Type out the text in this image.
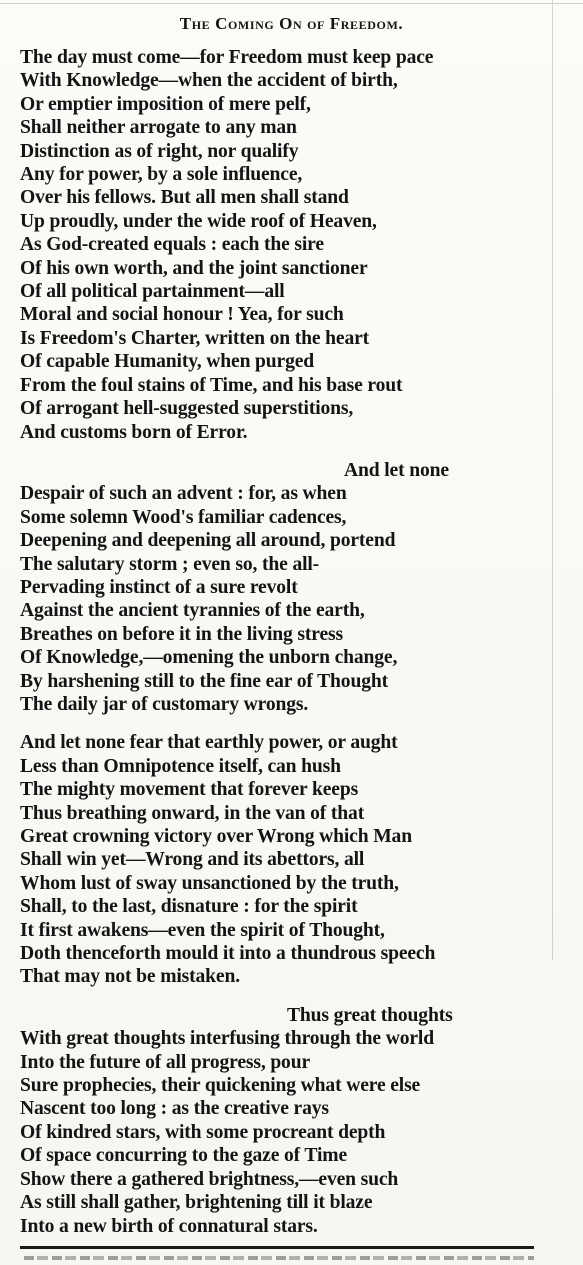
The Coming On of Freedom.
The day must come—for Freedom must keep pace
With Knowledge—when the accident of birth,
Or emptier imposition of mere pelf,
Shall neither arrogate to any man
Distinction as of right, nor qualify
Any for power, by a sole influence,
Over his fellows. But all men shall stand
Up proudly, under the wide roof of Heaven,
As God-created equals : each the sire
Of his own worth, and the joint sanctioner
Of all political partainment—all
Moral and social honour ! Yea, for such
Is Freedom's Charter, written on the heart
Of capable Humanity, when purged
From the foul stains of Time, and his base rout
Of arrogant hell-suggested superstitions,
And customs born of Error.
And let none
Despair of such an advent : for, as when
Some solemn Wood's familiar cadences,
Deepening and deepening all around, portend
The salutary storm ; even so, the all-
Pervading instinct of a sure revolt
Against the ancient tyrannies of the earth,
Breathes on before it in the living stress
Of Knowledge,—omening the unborn change,
By harshening still to the fine ear of Thought
The daily jar of customary wrongs.
And let none fear that earthly power, or aught
Less than Omnipotence itself, can hush
The mighty movement that forever keeps
Thus breathing onward, in the van of that
Great crowning victory over Wrong which Man
Shall win yet—Wrong and its abettors, all
Whom lust of sway unsanctioned by the truth,
Shall, to the last, disnature : for the spirit
It first awakens—even the spirit of Thought,
Doth thenceforth mould it into a thundrous speech
That may not be mistaken.
Thus great thoughts
With great thoughts interfusing through the world
Into the future of all progress, pour
Sure prophecies, their quickening what were else
Nascent too long : as the creative rays
Of kindred stars, with some procreant depth
Of space concurring to the gaze of Time
Show there a gathered brightness,—even such
As still shall gather, brightening till it blaze
Into a new birth of connatural stars.
